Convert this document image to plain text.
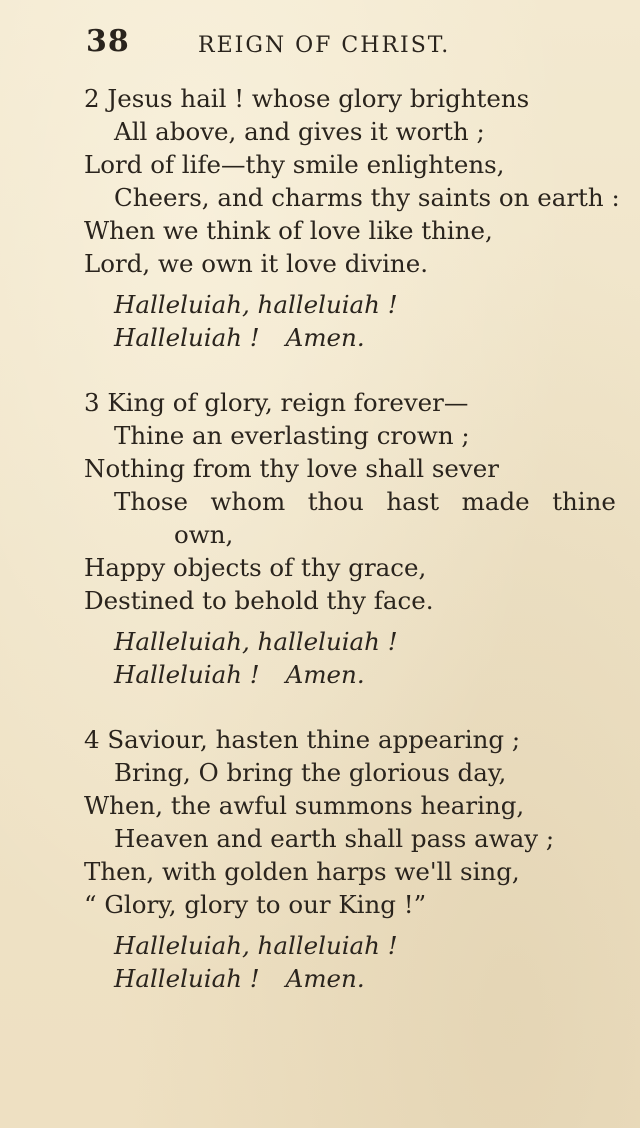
38	REIGN OF CHRIST.
2 Jesus hail ! whose glory brightens
All above, and gives it worth ;
Lord of life—thy smile enlightens,
Cheers, and charms thy saints on earth :
When we think of love like thine,
Lord, we own it love divine.
Halleluiah, halleluiah !
Halleluiah ! Amen.
3 King of glory, reign forever—
Thine an everlasting crown ;
Nothing from thy love shall sever
Those whom thou hast made thine
own,
Happy objects of thy grace,
Destined to behold thy face.
Halleluiah, halleluiah !
Halleluiah ! Amen.
4 Saviour, hasten thine appearing ;
Bring, O bring the glorious day,
When, the awful summons hearing,
Heaven and earth shall pass away ;
Then, with golden harps we'll sing,
“ Glory, glory to our King !”
Halleluiah, halleluiah !
Halleluiah ! Amen.
